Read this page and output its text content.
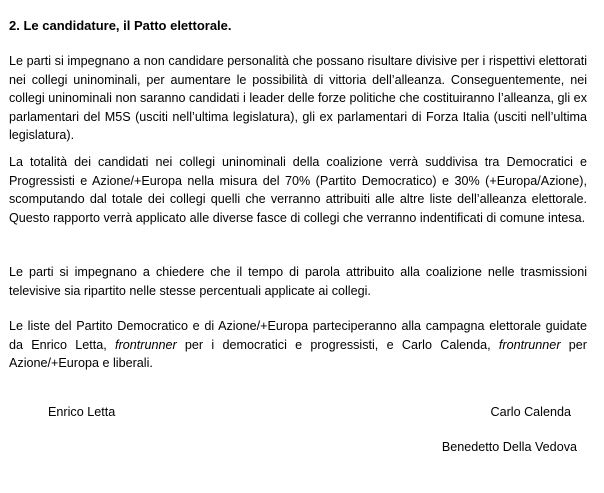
2. Le candidature, il Patto elettorale.

Le parti si impegnano a non candidare personalità che possano risultare divisive per i rispettivi elettorati nei collegi uninominali, per aumentare le possibilità di vittoria dell’alleanza. Conseguentemente, nei collegi uninominali non saranno candidati i leader delle forze politiche che costituiranno l’alleanza, gli ex parlamentari del M5S (usciti nell’ultima legislatura), gli ex parlamentari di Forza Italia (usciti nell’ultima legislatura).

La totalità dei candidati nei collegi uninominali della coalizione verrà suddivisa tra Democratici e Progressisti e Azione/+Europa nella misura del 70% (Partito Democratico) e 30% (+Europa/Azione), scomputando dal totale dei collegi quelli che verranno attribuiti alle altre liste dell’alleanza elettorale. Questo rapporto verrà applicato alle diverse fasce di collegi che verranno indentificati di comune intesa.

Le parti si impegnano a chiedere che il tempo di parola attribuito alla coalizione nelle trasmissioni televisive sia ripartito nelle stesse percentuali applicate ai collegi.

Le liste del Partito Democratico e di Azione/+Europa parteciperanno alla campagna elettorale guidate da Enrico Letta, frontrunner per i democratici e progressisti, e Carlo Calenda, frontrunner per Azione/+Europa e liberali.

Enrico Letta	Carlo Calenda
Benedetto Della Vedova
